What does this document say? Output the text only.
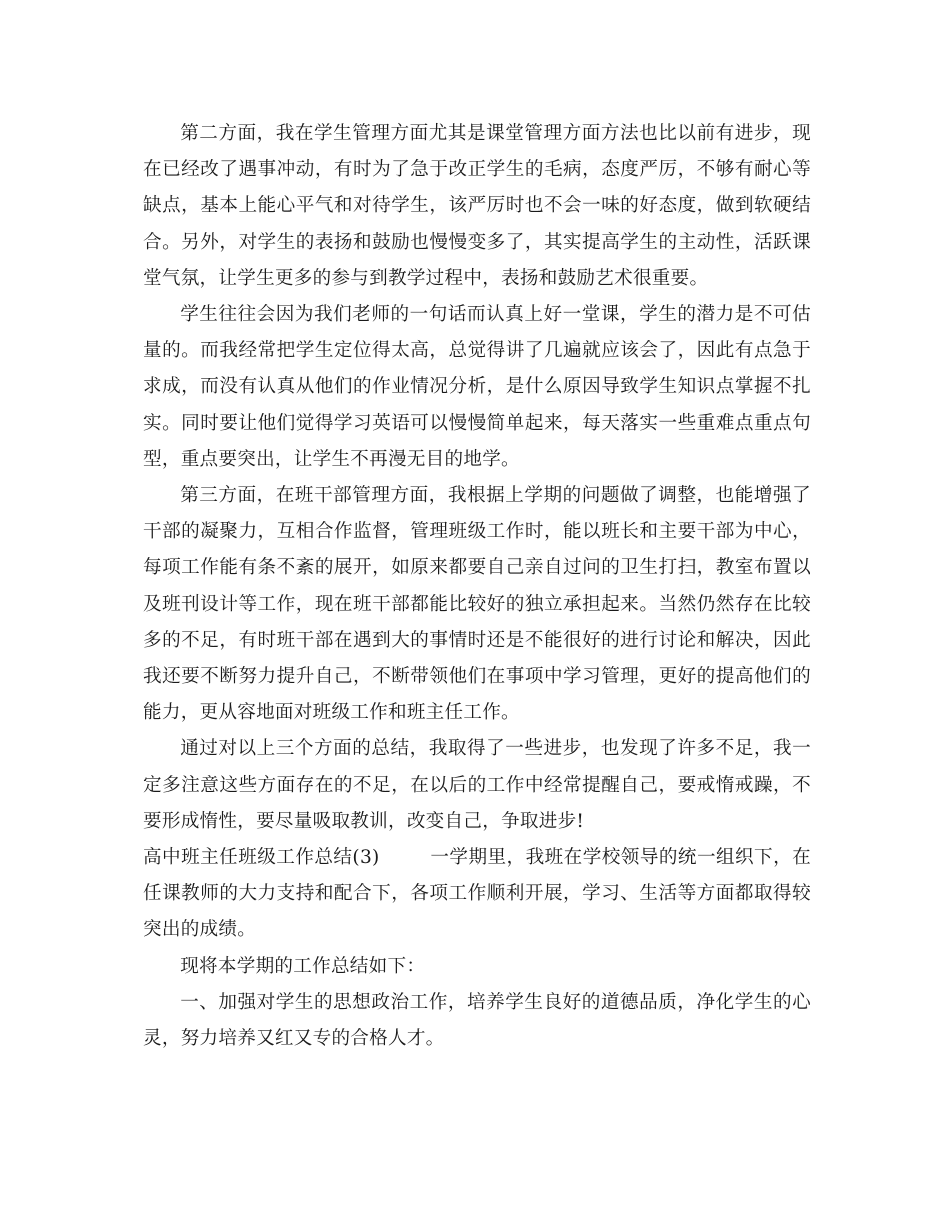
第二方面，我在学生管理方面尤其是课堂管理方面方法也比以前有进步，现在已经改了遇事冲动，有时为了急于改正学生的毛病，态度严厉，不够有耐心等缺点，基本上能心平气和对待学生，该严厉时也不会一味的好态度，做到软硬结合。另外，对学生的表扬和鼓励也慢慢变多了，其实提高学生的主动性，活跃课堂气氛，让学生更多的参与到教学过程中，表扬和鼓励艺术很重要。

学生往往会因为我们老师的一句话而认真上好一堂课，学生的潜力是不可估量的。而我经常把学生定位得太高，总觉得讲了几遍就应该会了，因此有点急于求成，而没有认真从他们的作业情况分析，是什么原因导致学生知识点掌握不扎实。同时要让他们觉得学习英语可以慢慢简单起来，每天落实一些重难点重点句型，重点要突出，让学生不再漫无目的地学。

第三方面，在班干部管理方面，我根据上学期的问题做了调整，也能增强了干部的凝聚力，互相合作监督，管理班级工作时，能以班长和主要干部为中心，每项工作能有条不紊的展开，如原来都要自己亲自过问的卫生打扫，教室布置以及班刊设计等工作，现在班干部都能比较好的独立承担起来。当然仍然存在比较多的不足，有时班干部在遇到大的事情时还是不能很好的进行讨论和解决，因此我还要不断努力提升自己，不断带领他们在事项中学习管理，更好的提高他们的能力，更从容地面对班级工作和班主任工作。

通过对以上三个方面的总结，我取得了一些进步，也发现了许多不足，我一定多注意这些方面存在的不足，在以后的工作中经常提醒自己，要戒惰戒躁，不要形成惰性，要尽量吸取教训，改变自己，争取进步!

高中班主任班级工作总结(3)	一学期里，我班在学校领导的统一组织下，在任课教师的大力支持和配合下，各项工作顺利开展，学习、生活等方面都取得较突出的成绩。

现将本学期的工作总结如下：

一、加强对学生的思想政治工作，培养学生良好的道德品质，净化学生的心灵，努力培养又红又专的合格人才。
